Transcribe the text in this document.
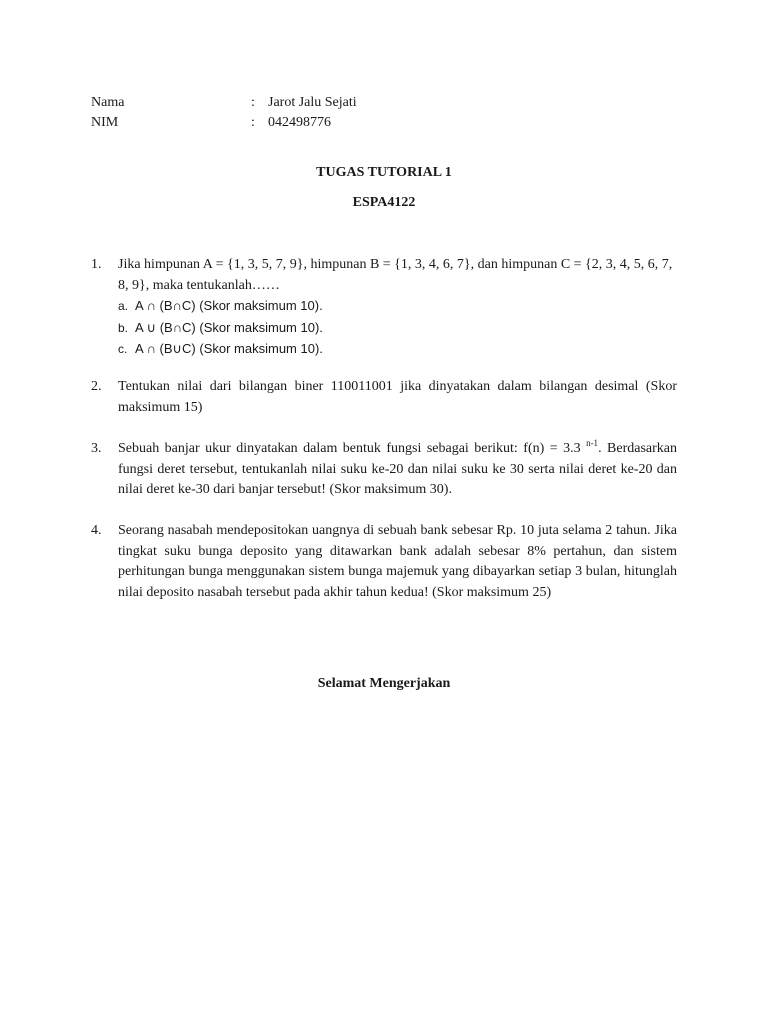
Nama	: Jarot Jalu Sejati
NIM	: 042498776
TUGAS TUTORIAL 1
ESPA4122
1. Jika himpunan A = {1, 3, 5, 7, 9}, himpunan B = {1, 3, 4, 6, 7}, dan himpunan C = {2, 3, 4, 5, 6, 7, 8, 9}, maka tentukanlah……

a. A ∩ (B∩C) (Skor maksimum 10).
b. A ∪ (B∩C) (Skor maksimum 10).
c. A ∩ (B∪C) (Skor maksimum 10).
2. Tentukan nilai dari bilangan biner 110011001 jika dinyatakan dalam bilangan desimal (Skor maksimum 15)

3. Sebuah banjar ukur dinyatakan dalam bentuk fungsi sebagai berikut: f(n) = 3.3 $^{n-1}$. Berdasarkan fungsi deret tersebut, tentukanlah nilai suku ke-20 dan nilai suku ke 30 serta nilai deret ke-20 dan nilai deret ke-30 dari banjar tersebut! (Skor maksimum 30).

4. Seorang nasabah mendepositokan uangnya di sebuah bank sebesar Rp. 10 juta selama 2 tahun. Jika tingkat suku bunga deposito yang ditawarkan bank adalah sebesar 8% pertahun, dan sistem perhitungan bunga menggunakan sistem bunga majemuk yang dibayarkan setiap 3 bulan, hitunglah nilai deposito nasabah tersebut pada akhir tahun kedua! (Skor maksimum 25)

Selamat Mengerjakan
